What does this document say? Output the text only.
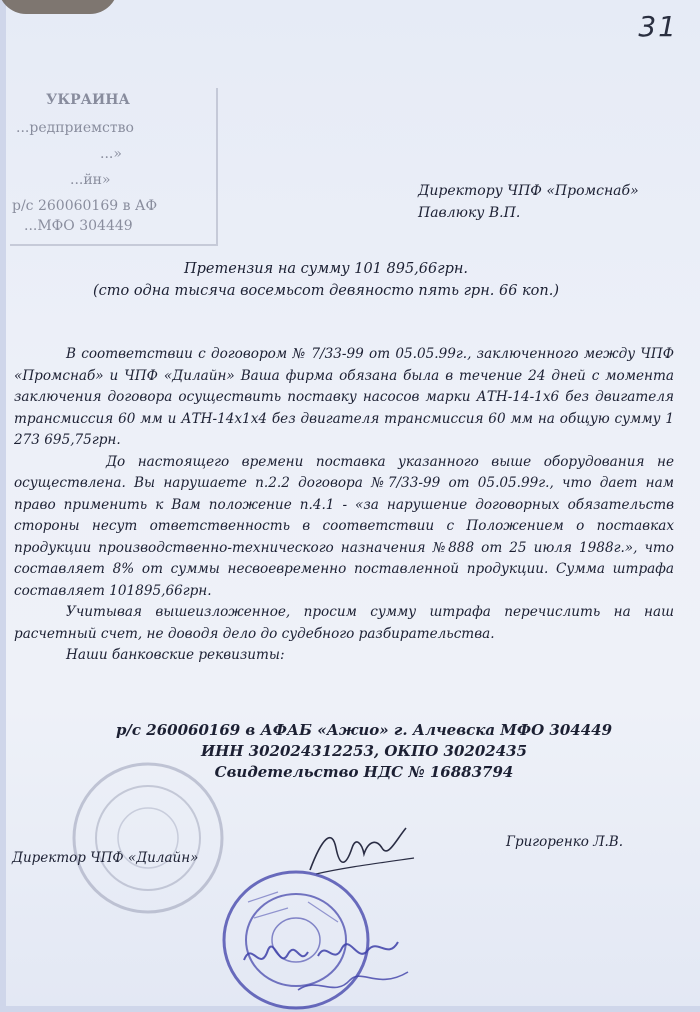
31
УКРАИНА
...редприемство
...»
...йн»
р/с 260060169 в АФ
...МФО 304449
Директору ЧПФ «Промснаб»
Павлюку В.П.
Претензия на сумму 101 895,66грн.
(сто одна тысяча восемьсот девяносто пять грн. 66 коп.)

В соответствии с договором № 7/33-99 от 05.05.99г., заключенного между ЧПФ «Промснаб» и ЧПФ «Дилайн» Ваша фирма обязана была в течение 24 дней с момента заключения договора осуществить поставку насосов марки АТН-14-1х6 без двигателя трансмиссия 60 мм и АТН-14х1х4 без двигателя трансмиссия 60 мм на общую сумму 1 273 695,75грн.

До настоящего времени поставка указанного выше оборудования не осуществлена. Вы нарушаете п.2.2 договора №7/33-99 от 05.05.99г., что дает нам право применить к Вам положение п.4.1 - «за нарушение договорных обязательств стороны несут ответственность в соответствии с Положением о поставках продукции производственно-технического назначения №888 от 25 июля 1988г.», что составляет 8% от суммы несвоевременно поставленной продукции. Сумма штрафа составляет 101895,66грн.

Учитывая вышеизложенное, просим сумму штрафа перечислить на наш расчетный счет, не доводя дело до судебного разбирательства.

Наши банковские реквизиты:

р/с 260060169 в АФАБ «Ажио» г. Алчевска МФО 304449
ИНН 302024312253, ОКПО 30202435
Свидетельство НДС № 16883794
Директор ЧПФ «Дилайн»
Григоренко Л.В.
